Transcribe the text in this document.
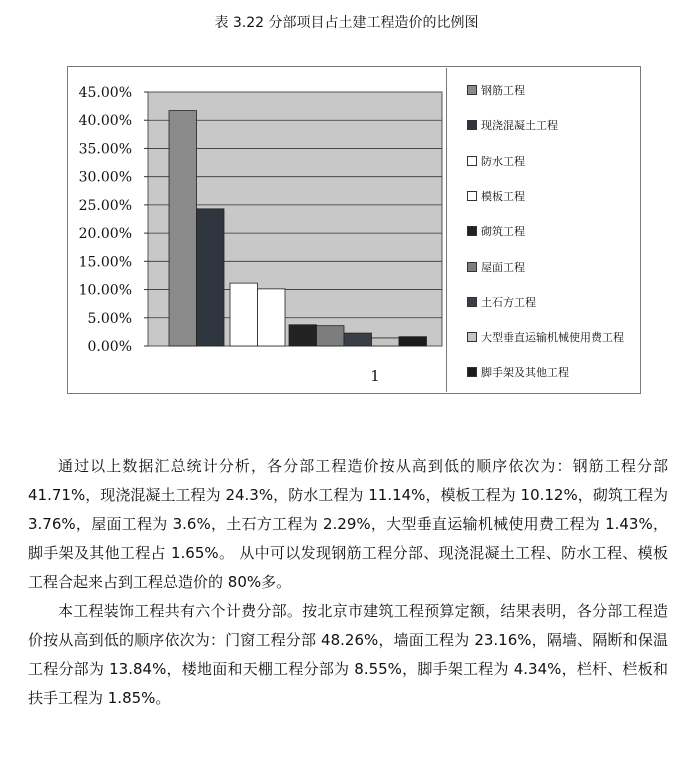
表 3.22 分部项目占土建工程造价的比例图
45.00%
40.00%
35.00%
30.00%
25.00%
20.00%
15.00%
10.00%
5.00%
0.00%
1
钢筋工程
现浇混凝土工程
防水工程
模板工程
砌筑工程
屋面工程
土石方工程
大型垂直运输机械使用费工程
脚手架及其他工程

通过以上数据汇总统计分析，各分部工程造价按从高到低的顺序依次为：钢筋工程分部 41.71%，现浇混凝土工程为 24.3%，防水工程为 11.14%，模板工程为 10.12%，砌筑工程为 3.76%，屋面工程为 3.6%，土石方工程为 2.29%，大型垂直运输机械使用费工程为 1.43%，脚手架及其他工程占 1.65%。 从中可以发现钢筋工程分部、现浇混凝土工程、防水工程、模板工程合起来占到工程总造价的 80%多。

本工程装饰工程共有六个计费分部。按北京市建筑工程预算定额，结果表明，各分部工程造价按从高到低的顺序依次为：门窗工程分部 48.26%，墙面工程为 23.16%，隔墙、隔断和保温工程分部为 13.84%，楼地面和天棚工程分部为 8.55%，脚手架工程为 4.34%，栏杆、栏板和扶手工程为 1.85%。
